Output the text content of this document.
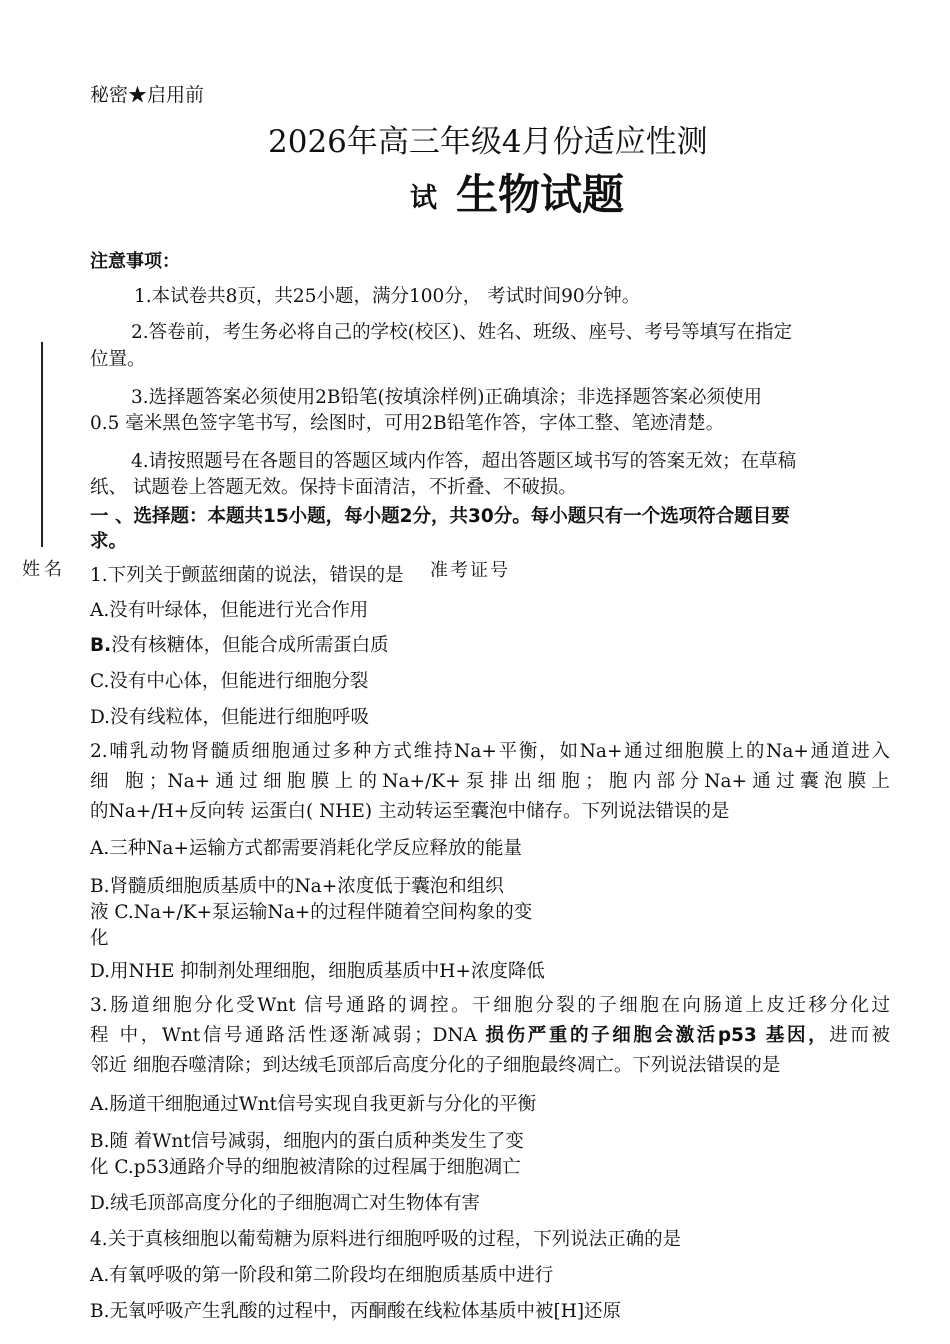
秘密★启用前
2026年高三年级4月份适应性测
试 生物试题
注意事项：
1.本试卷共8页，共25小题，满分100分， 考试时间90分钟。
2.答卷前，考生务必将自己的学校(校区)、姓名、班级、座号、考号等填写在指定
位置。
3.选择题答案必须使用2B铅笔(按填涂样例)正确填涂；非选择题答案必须使用
0.5 毫米黑色签字笔书写，绘图时，可用2B铅笔作答，字体工整、笔迹清楚。
4.请按照题号在各题目的答题区域内作答，超出答题区域书写的答案无效；在草稿
纸、 试题卷上答题无效。保持卡面清洁，不折叠、不破损。
姓名	准考证号
一 、选择题：本题共15小题，每小题2分，共30分。每小题只有一个选项符合题目要
求。
1.下列关于颤蓝细菌的说法，错误的是
A.没有叶绿体，但能进行光合作用
B.没有核糖体，但能合成所需蛋白质
C.没有中心体，但能进行细胞分裂
D.没有线粒体，但能进行细胞呼吸
2.哺乳动物肾髓质细胞通过多种方式维持Na+平衡，如Na+通过细胞膜上的Na+通道进入
细 胞；Na+通过细胞膜上的Na+/K+泵排出细胞；胞内部分Na+通过囊泡膜上
的Na+/H+反向转 运蛋白( NHE) 主动转运至囊泡中储存。下列说法错误的是
A.三种Na+运输方式都需要消耗化学反应释放的能量
B.肾髓质细胞质基质中的Na+浓度低于囊泡和组织
液 C.Na+/K+泵运输Na+的过程伴随着空间构象的变
化
D.用NHE 抑制剂处理细胞，细胞质基质中H+浓度降低
3.肠道细胞分化受Wnt 信号通路的调控。干细胞分裂的子细胞在向肠道上皮迁移分化过
程 中，Wnt信号通路活性逐渐减弱；DNA 损伤严重的子细胞会激活p53 基因，进而被
邻近 细胞吞噬清除；到达绒毛顶部后高度分化的子细胞最终凋亡。下列说法错误的是
A.肠道干细胞通过Wnt信号实现自我更新与分化的平衡
B.随 着Wnt信号减弱，细胞内的蛋白质种类发生了变
化 C.p53通路介导的细胞被清除的过程属于细胞凋亡
D.绒毛顶部高度分化的子细胞凋亡对生物体有害
4.关于真核细胞以葡萄糖为原料进行细胞呼吸的过程，下列说法正确的是
A.有氧呼吸的第一阶段和第二阶段均在细胞质基质中进行
B.无氧呼吸产生乳酸的过程中，丙酮酸在线粒体基质中被[H]还原
